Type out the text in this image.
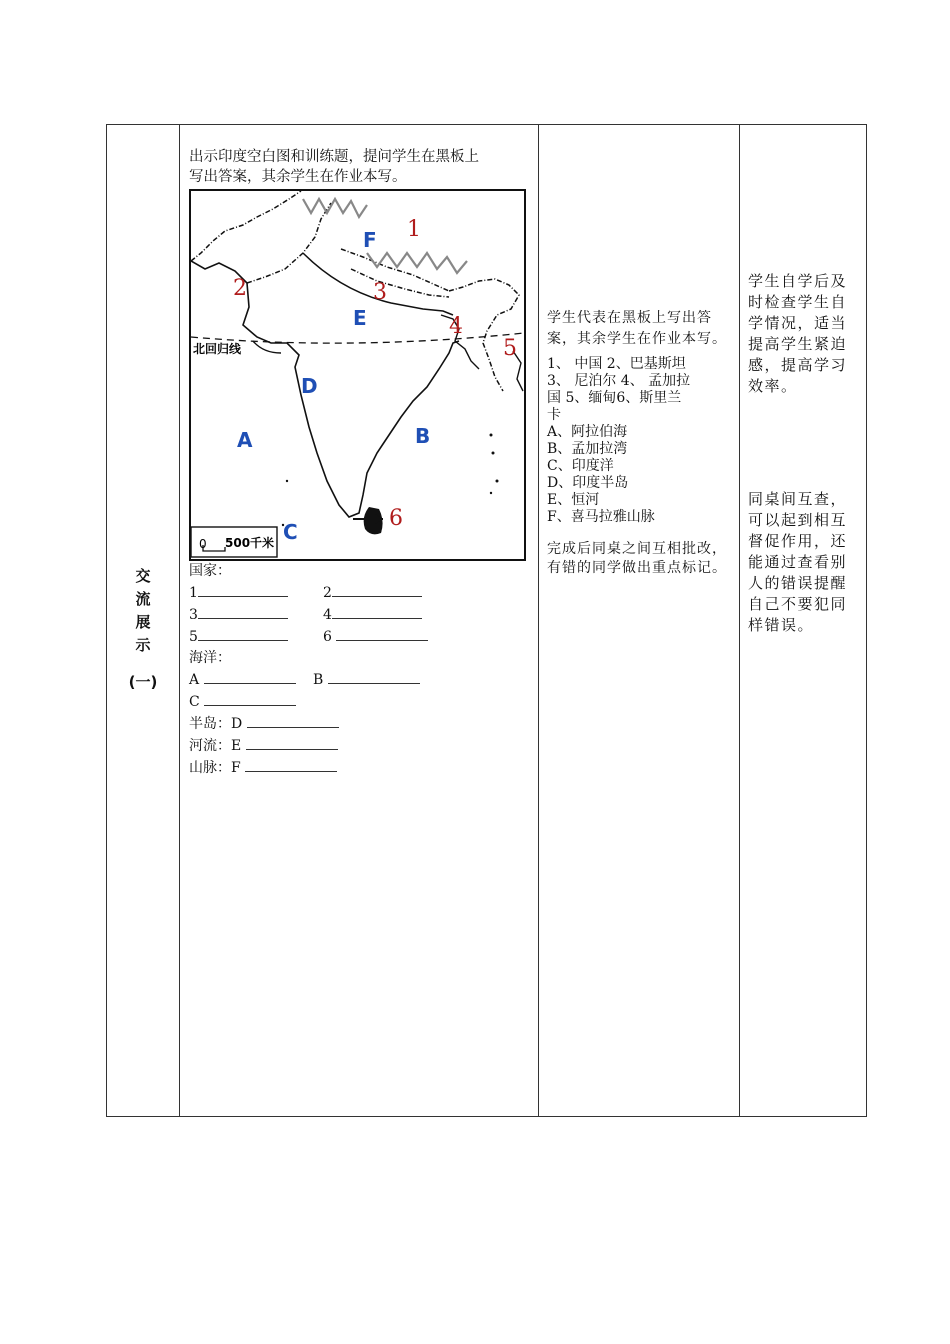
交
流
展
示
(一)

出示印度空白图和训练题，提问学生在黑板上

写出答案，其余学生在作业本写。

0 500千米
北回归线
1
2	3
4
5
6
A	B
C
D
E
F

国家：

1	2
3	4
5	6

海洋：

A	B

C

半岛：D

河流：E

山脉：F

学生代表在黑板上写出答案，其余学生在作业本写。

1、 中国 2、巴基斯坦

3、 尼泊尔 4、 孟加拉

国 5、缅甸6、斯里兰

卡

A、阿拉伯海

B、孟加拉湾

C、印度洋

D、印度半岛

E、恒河

F、喜马拉雅山脉

完成后同桌之间互相批改，有错的同学做出重点标记。

学生自学后及时检查学生自学情况，适当提高学生紧迫感，提高学习效率。

同桌间互查，可以起到相互督促作用，还能通过查看别人的错误提醒自己不要犯同样错误。
